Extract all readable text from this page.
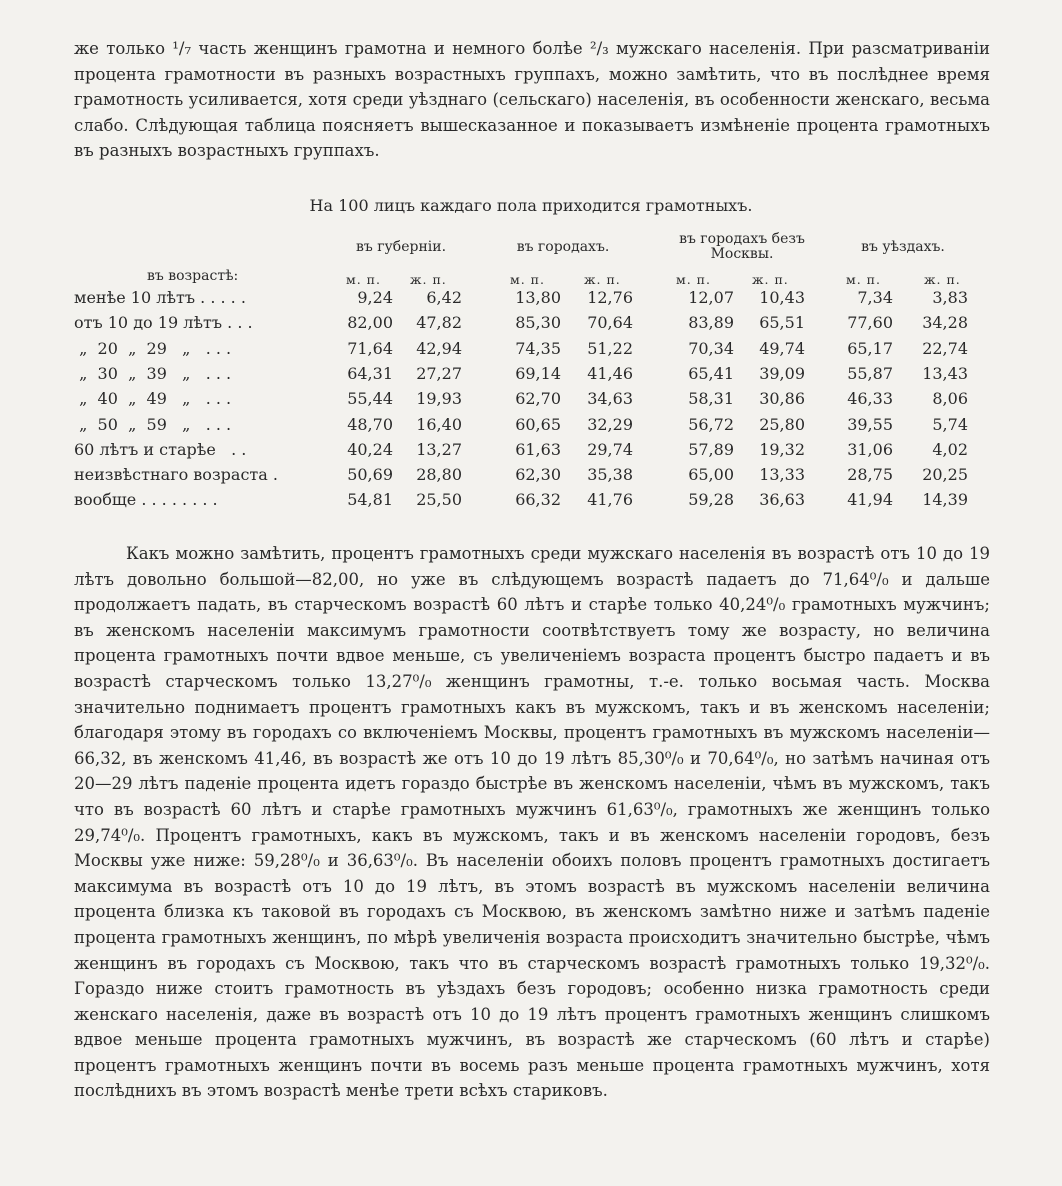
же только ¹/₇ часть женщинъ грамотна и немного болѣе ²/₃ мужскаго населенія. При разсматриваніи процента грамотности въ разныхъ возрастныхъ группахъ, можно замѣтить, что въ послѣднее время грамотность усиливается, хотя среди уѣзднаго (сельскаго) населенія, въ особенности женскаго, весьма слабо. Слѣдующая таблица поясняетъ вышесказанное и показываетъ измѣненіе процента грамотныхъ въ разныхъ возрастныхъ группахъ.

На 100 лицъ каждаго пола приходится грамотныхъ.
въ губерніи.	въ городахъ.	въ городахъ безъ Москвы.	въ уѣздахъ.
въ возрастѣ:	м. п. ж. п.	м. п.	ж. п.	м. п.	ж. п.	м. п.	ж. п.
менѣе 10 лѣтъ . . . . .	9,24	6,42	13,80	12,76	12,07	10,43	7,34	3,83
отъ 10 до 19 лѣтъ . . .	82,00	47,82	85,30	70,64	83,89	65,51	77,60	34,28
„  20  „  29   „   . . .	71,64	42,94	74,35	51,22	70,34	49,74	65,17	22,74
„  30  „  39   „   . . .	64,31	27,27	69,14	41,46	65,41	39,09	55,87	13,43
„  40  „  49   „   . . .	55,44	19,93	62,70	34,63	58,31	30,86	46,33	8,06
„  50  „  59   „   . . .	48,70	16,40	60,65	32,29	56,72	25,80	39,55	5,74
60 лѣтъ и старѣе   . .	40,24	13,27	61,63	29,74	57,89	19,32	31,06	4,02
неизвѣстнаго возраста .	50,69	28,80	62,30	35,38	65,00	13,33	28,75	20,25
вообще . . . . . . . .	54,81	25,50	66,32	41,76	59,28	36,63	41,94	14,39

Какъ можно замѣтить, процентъ грамотныхъ среди мужскаго населенія въ возрастѣ отъ 10 до 19 лѣтъ довольно большой—82,00, но уже въ слѣдующемъ возрастѣ падаетъ до 71,64⁰/₀ и дальше продолжаетъ падать, въ старческомъ возрастѣ 60 лѣтъ и старѣе только 40,24⁰/₀ грамотныхъ мужчинъ; въ женскомъ населеніи максимумъ грамотности соотвѣтствуетъ тому же возрасту, но величина процента грамотныхъ почти вдвое меньше, съ увеличеніемъ возраста процентъ быстро падаетъ и въ возрастѣ старческомъ только 13,27⁰/₀ женщинъ грамотны, т.-е. только восьмая часть. Москва значительно поднимаетъ процентъ грамотныхъ какъ въ мужскомъ, такъ и въ женскомъ населеніи; благодаря этому въ городахъ со включеніемъ Москвы, процентъ грамотныхъ въ мужскомъ населеніи—66,32, въ женскомъ 41,46, въ возрастѣ же отъ 10 до 19 лѣтъ 85,30⁰/₀ и 70,64⁰/₀, но затѣмъ начиная отъ 20—29 лѣтъ паденіе процента идетъ гораздо быстрѣе въ женскомъ населеніи, чѣмъ въ мужскомъ, такъ что въ возрастѣ 60 лѣтъ и старѣе грамотныхъ мужчинъ 61,63⁰/₀, грамотныхъ же женщинъ только 29,74⁰/₀. Процентъ грамотныхъ, какъ въ мужскомъ, такъ и въ женскомъ населеніи городовъ, безъ Москвы уже ниже: 59,28⁰/₀ и 36,63⁰/₀. Въ населеніи обоихъ половъ процентъ грамотныхъ достигаетъ максимума въ возрастѣ отъ 10 до 19 лѣтъ, въ этомъ возрастѣ въ мужскомъ населеніи величина процента близка къ таковой въ городахъ съ Москвою, въ женскомъ замѣтно ниже и затѣмъ паденіе процента грамотныхъ женщинъ, по мѣрѣ увеличенія возраста происходитъ значительно быстрѣе, чѣмъ женщинъ въ городахъ съ Москвою, такъ что въ старческомъ возрастѣ грамотныхъ только 19,32⁰/₀. Гораздо ниже стоитъ грамотность въ уѣздахъ безъ городовъ; особенно низка грамотность среди женскаго населенія, даже въ возрастѣ отъ 10 до 19 лѣтъ процентъ грамотныхъ женщинъ слишкомъ вдвое меньше процента грамотныхъ мужчинъ, въ возрастѣ же старческомъ (60 лѣтъ и старѣе) процентъ грамотныхъ женщинъ почти въ восемь разъ меньше процента грамотныхъ мужчинъ, хотя послѣднихъ въ этомъ возрастѣ менѣе трети всѣхъ стариковъ.
